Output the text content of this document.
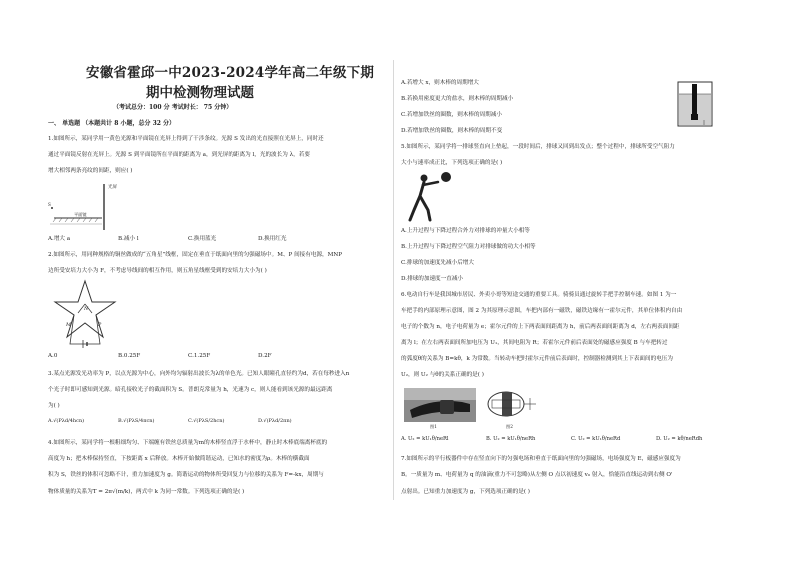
安徽省霍邱一中2023-2024学年高二年级下期
期中检测物理试题
（考试总分：100 分 考试时长： 75 分钟）
一、 单选题 （本题共计 8 小题，总分 32 分）
1.如图所示，某同学用一黄色光源和平面镜在光屏上得到了干涉条纹。光源 S 发出的光直接照在光屏上，同时还
通过平面镜反射在光屏上。光源 S 到平面镜所在平面的距离为 a，到光屏的距离为 l，光的波长为 λ，若要
增大相邻两条亮纹的间距，则应( )
光屏
平面镜
S
A.增大 a	B.减小 l	C.换用蓝光	D.换用红光
2.如图所示，用同种规格的铜丝做成的“五角星”线框，固定在垂直于纸面向里的匀强磁场中。M、P 间接有电源，MNP
边所受安培力大小为 F，不考虑导线间的相互作用，则五角星线框受到的安培力大小为( )
N
M	P
A.0	B.0.25F	C.1.25F	D.2F
3.某点光源发光功率为 P，以点光源为中心，向外均匀辐射出波长为λ的单色光。已知人眼瞳孔直径约为d，若在每秒进入n
个光子时即可感知到光源。暗孔接收光子的截面积为 S。普朗克常量为 h，光速为 c，则人能看到该光源的最远距离
为( )
A.√(Pλd/4hcn)	B.√(PλS/4πcn)	C.√(PλS/2hcn)	D.√(Pλd/2πn)
4.如图所示，某同学将一根粗细均匀、下端缠有铁丝总质量为m的木棒竖直浮于水杯中，静止时木棒底端离杯底的
高度为 h；把木棒保持竖直，下按距离 x 后释放。木棒开始做简谐运动，已知水的密度为ρ。木棒的横截面
积为 S，铁丝的体积可忽略不计，重力加速度为 g。简谐运动的物体所受回复力与位移的关系为 F=-kx，周期与
物体质量的关系为T = 2π√(m/k)，两式中 k 为同一常数。下列选项正确的是( )
A.若增大 x，则木棒的周期增大
B.若换用密度更大的盐水，则木棒的周期减小
C.若增加铁丝的圈数，则木棒的周期减小
D.若增加铁丝的圈数，则木棒的周期不变
5.如图所示，某同学将一排球竖直向上垫起，一段时间后，排球又回到出发点；整个过程中，排球所受空气阻力
大小与速率成正比，下列选项正确的是( )
A.上升过程与下降过程合外力对排球的冲量大小相等
B.上升过程与下降过程空气阻力对排球做的功大小相等
C.排球的加速度先减小后增大
D.排球的加速度一直减小
6.电动自行车是我国城市居民、外卖小哥等短途交通的重要工具。骑骑员通过旋转手把手控制车速。如图 1 为一
车把手的内部原理示意图，图 2 为其原理示意图，车把内部有一磁铁，磁铁边缘有一霍尔元件，其单位体积内自由
电子的个数为 n，电子电荷量为 e；霍尔元件的上下两表面间距离为 h，前后两表面间距离为 d，左右两表面间距
离为 l；在左右两表面间所加电压为 U₁，其间电阻为 R；若霍尔元件前后表面处的磁感应强度 B 与车把转过
的弧度θ的关系为 B=kθ，k 为常数。当转动车把时霍尔元件前后表面时，控制器检测到其上下表面间的电压为
U₂，则 U₂ 与θ的关系正确的是( )
图1	图2
A. U₂ = kU₁θ/neRl	B. U₂ = kU₁θ/neRh	C. U₂ = kU₁θ/neRd	D. U₂ = kθ/neRdh
7.如图所示的平行板器件中存在竖直向下的匀强电场和垂直于纸面向里的匀强磁场，电场强度为 E，磁感应强度为
B。一质量为 m、电荷量为 q 的油滴(重力不可忽略)从左侧 O 点以初速度 v₀ 射入，恰能沿直线运动到右侧 O'
点射出。已知重力加速度为 g，下列选项正确的是( )
